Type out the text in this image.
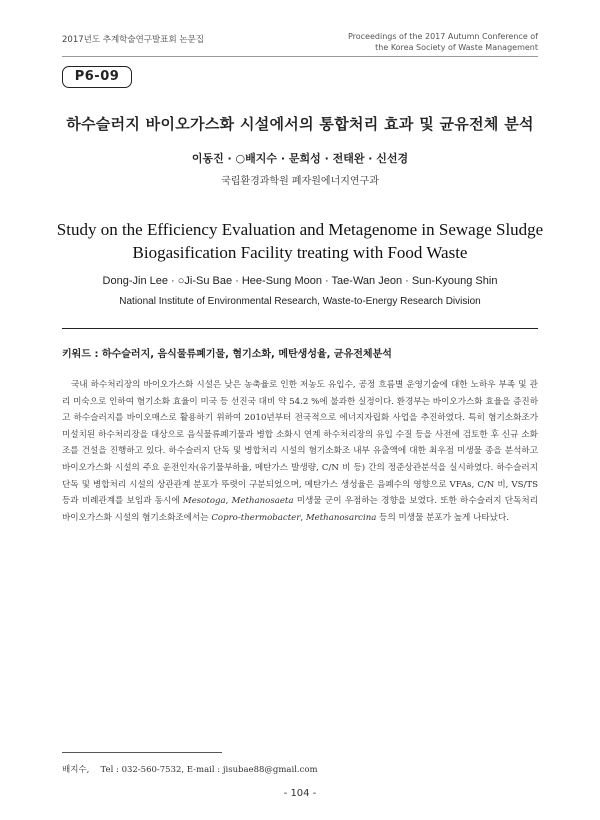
2017년도 추계학술연구발표회 논문집	Proceedings of the 2017 Autumn Conference of
the Korea Society of Waste Management
P6-09
하수슬러지 바이오가스화 시설에서의 통합처리 효과 및 균유전체 분석
이동진 · ○배지수 · 문희성 · 전태완 · 신선경
국립환경과학원 폐자원에너지연구과
Study on the Efficiency Evaluation and Metagenome in Sewage Sludge
Biogasification Facility treating with Food Waste
Dong-Jin Lee · ○Ji-Su Bae · Hee-Sung Moon · Tae-Wan Jeon · Sun-Kyoung Shin
National Institute of Environmental Research, Waste-to-Energy Research Division
키워드 : 하수슬러지, 음식물류폐기물, 혐기소화, 메탄생성율, 균유전체분석

　국내 하수처리장의 바이오가스화 시설은 낮은 농축율로 인한 저농도 유입수, 공정 흐름별 운영기술에 대한 노하우 부족 및 관리 미숙으로 인하여 혐기소화 효율이 미국 등 선진국 대비 약 54.2 %에 불과한 실정이다. 환경부는 바이오가스화 효율을 증진하고 하수슬러지를 바이오매스로 활용하기 위하여 2010년부터 전국적으로 에너지자립화 사업을 추진하였다. 특히 혐기소화조가 미설치된 하수처리장을 대상으로 음식물류폐기물과 병합 소화시 연계 하수처리장의 유입 수질 등을 사전에 검토한 후 신규 소화조를 건설을 진행하고 있다. 하수슬러지 단독 및 병합처리 시설의 혐기소화조 내부 유출액에 대한 최우점 미생물 종을 분석하고 바이오가스화 시설의 주요 운전인자(유기물부하율, 메탄가스 발생량, C/N 비 등) 간의 정준상관분석을 실시하였다. 하수슬러지 단독 및 병합처리 시설의 상관관계 분포가 뚜렷이 구분되었으며, 메탄가스 생성율은 음폐수의 영향으로 VFAs, C/N 비, VS/TS 등과 비례관계를 보임과 동시에 Mesotoga, Methanosaeta 미생물 군이 우점하는 경향을 보였다. 또한 하수슬러지 단독처리 바이오가스화 시설의 혐기소화조에서는 Copro-thermobacter, Methanosarcina 등의 미생물 분포가 높게 나타났다.

배지수,　 Tel : 032-560-7532, E-mail : jisubae88@gmail.com
- 104 -
